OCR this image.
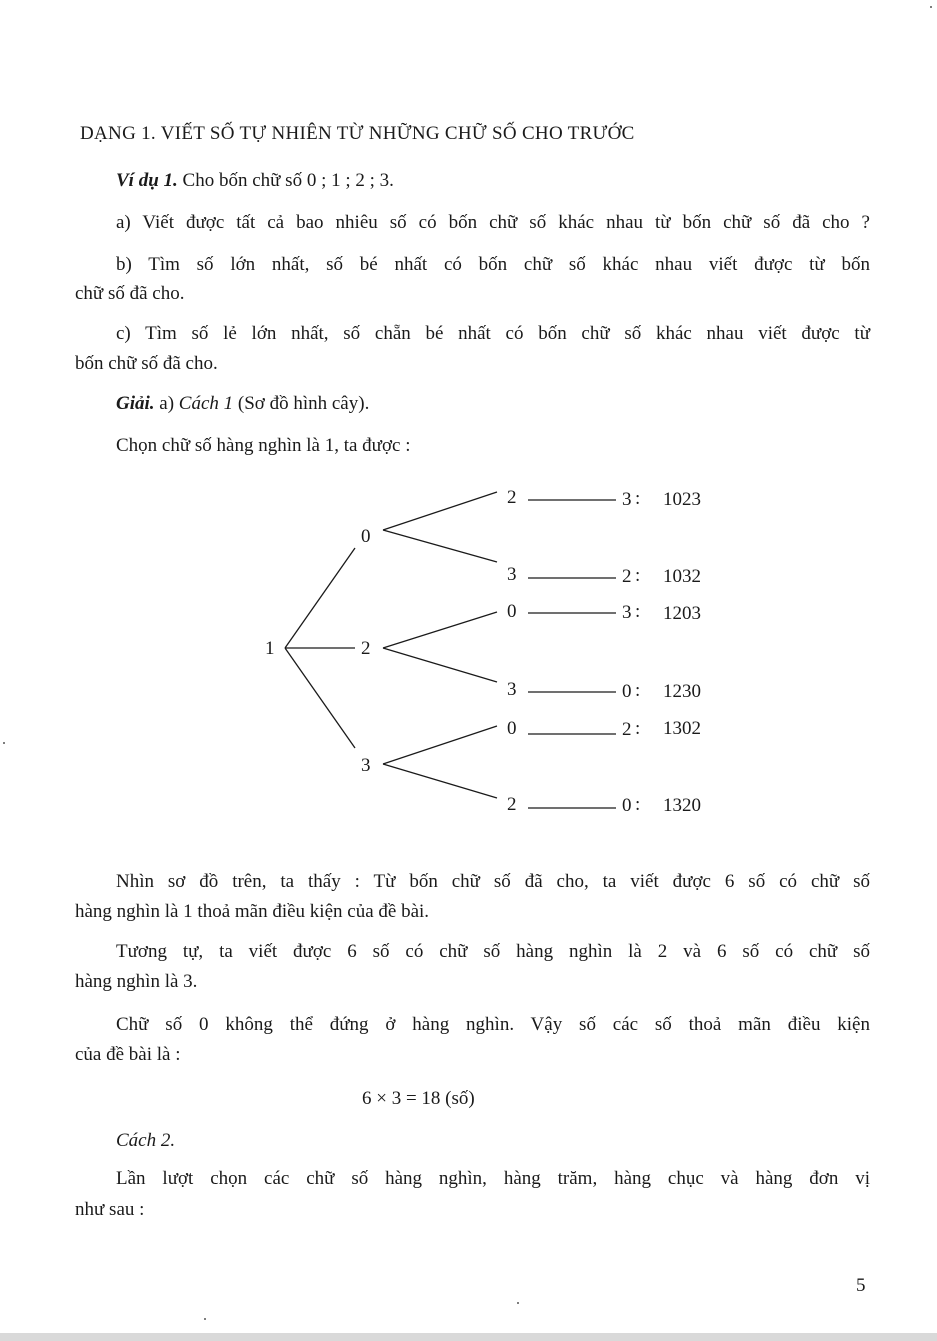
DẠNG 1. VIẾT SỐ TỰ NHIÊN TỪ NHỮNG CHỮ SỐ CHO TRƯỚC
Ví dụ 1. Cho bốn chữ số 0 ; 1 ; 2 ; 3.
a) Viết được tất cả bao nhiêu số có bốn chữ số khác nhau từ bốn chữ số đã cho ?
b) Tìm số lớn nhất, số bé nhất có bốn chữ số khác nhau viết được từ bốn
chữ số đã cho.
c) Tìm số lẻ lớn nhất, số chẵn bé nhất có bốn chữ số khác nhau viết được từ
bốn chữ số đã cho.
Giải. a) Cách 1 (Sơ đồ hình cây).
Chọn chữ số hàng nghìn là 1, ta được :
1
0
2
3
2
3
0
3
0
2
3
2
3
0
2
0
:
:
:
:
:
:
1023
1032
1203
1230
1302
1320
Nhìn sơ đồ trên, ta thấy : Từ bốn chữ số đã cho, ta viết được 6 số có chữ số
hàng nghìn là 1 thoả mãn điều kiện của đề bài.
Tương tự, ta viết được 6 số có chữ số hàng nghìn là 2 và 6 số có chữ số
hàng nghìn là 3.
Chữ số 0 không thể đứng ở hàng nghìn. Vậy số các số thoả mãn điều kiện
của đề bài là :
6 × 3 = 18 (số)
Cách 2.
Lần lượt chọn các chữ số hàng nghìn, hàng trăm, hàng chục và hàng đơn vị
như sau :
5
